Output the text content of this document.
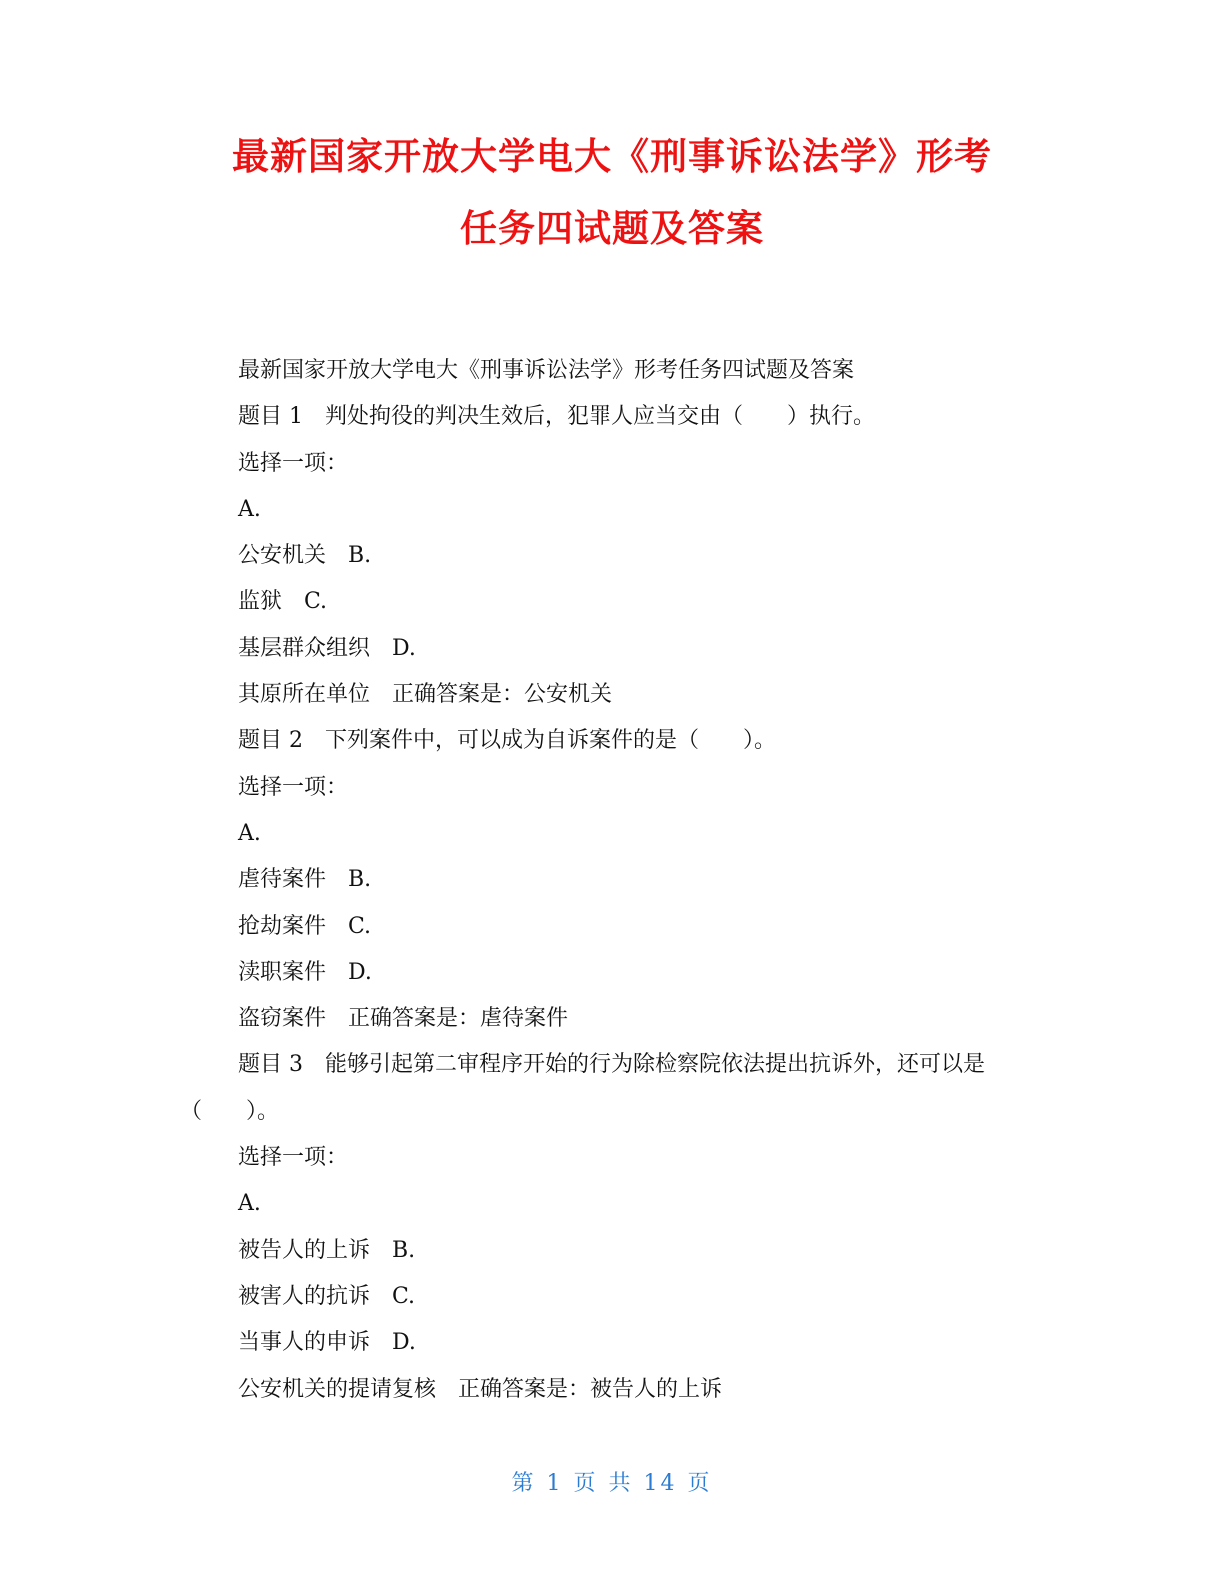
最新国家开放大学电大《刑事诉讼法学》形考
任务四试题及答案
最新国家开放大学电大《刑事诉讼法学》形考任务四试题及答案
题目 1　判处拘役的判决生效后，犯罪人应当交由（　　）执行。
选择一项：
A.
公安机关　B.
监狱　C.
基层群众组织　D.
其原所在单位　正确答案是：公安机关
题目 2　下列案件中，可以成为自诉案件的是（　　）。
选择一项：
A.
虐待案件　B.
抢劫案件　C.
渎职案件　D.
盗窃案件　正确答案是：虐待案件
题目 3　能够引起第二审程序开始的行为除检察院依法提出抗诉外，还可以是（　　）。
选择一项：
A.
被告人的上诉　B.
被害人的抗诉　C.
当事人的申诉　D.
公安机关的提请复核　正确答案是：被告人的上诉
第 1 页 共 14 页
